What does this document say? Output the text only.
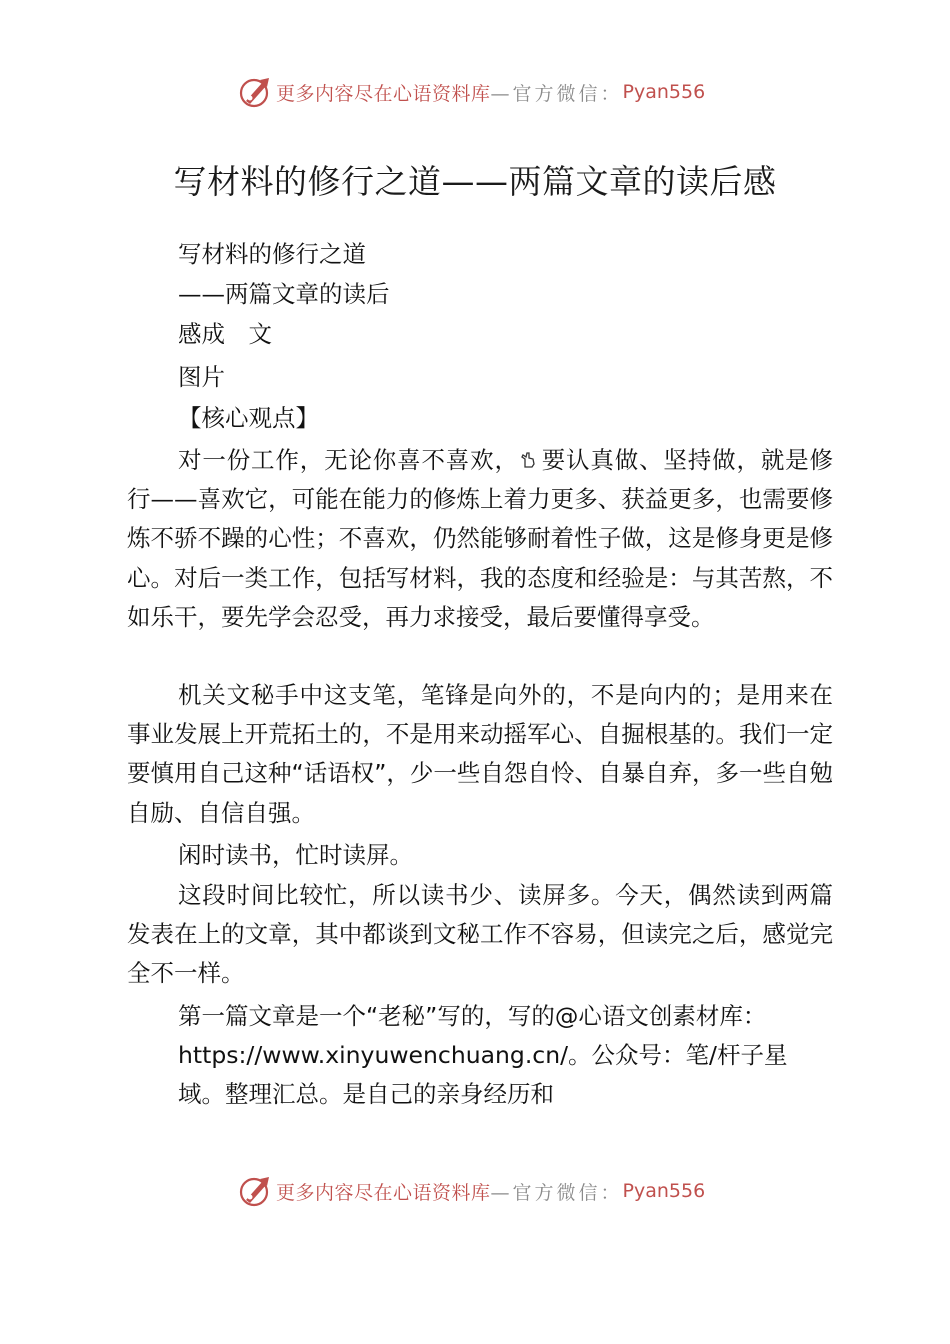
更多内容尽在心语资料库 —官方微信： Pyan556
写材料的修行之道——两篇文章的读后感

写材料的修行之道

——两篇文章的读后

感成　文

图片

【核心观点】

对一份工作，无论你喜不喜欢， 要认真做、坚持做，就是修行——喜欢它，可能在能力的修炼上着力更多、获益更多，也需要修炼不骄不躁的心性；不喜欢，仍然能够耐着性子做，这是修身更是修心。对后一类工作，包括写材料，我的态度和经验是：与其苦熬，不如乐干，要先学会忍受，再力求接受，最后要懂得享受。

机关文秘手中这支笔，笔锋是向外的，不是向内的；是用来在事业发展上开荒拓土的，不是用来动摇军心、自掘根基的。我们一定要慎用自己这种“话语权”，少一些自怨自怜、自暴自弃，多一些自勉自励、自信自强。

闲时读书，忙时读屏。

这段时间比较忙，所以读书少、读屏多。今天，偶然读到两篇发表在上的文章，其中都谈到文秘工作不容易，但读完之后，感觉完全不一样。

第一篇文章是一个“老秘”写的，写的@心语文创素材库：

https://www.xinyuwenchuang.cn/。公众号：笔/杆子星

域。整理汇总。是自己的亲身经历和

更多内容尽在心语资料库 —官方微信： Pyan556
